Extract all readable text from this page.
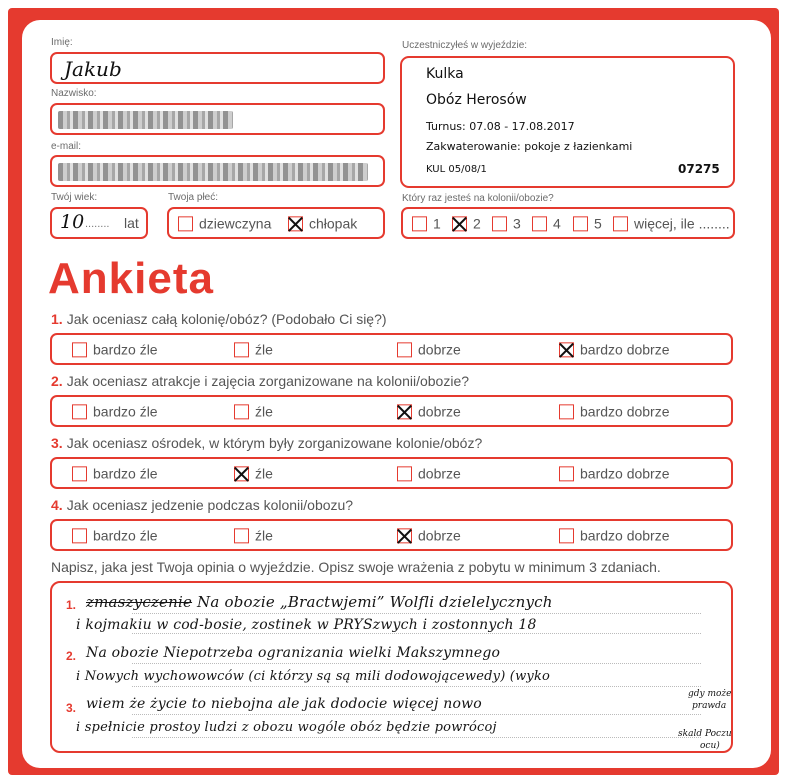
Imię:
Jakub
Nazwisko:
e-mail:
Uczestniczyłeś w wyjeździe:
Kulka
Obóz Herosów
Turnus: 07.08 - 17.08.2017
Zakwaterowanie: pokoje z łazienkami
KUL 05/08/1	07275
Twój wiek:
10 ........ lat
Twoja płeć:
dziewczyna	chłopak
Który raz jesteś na kolonii/obozie?
1	2	3	4	5	więcej, ile ........
Ankieta
1. Jak oceniasz całą kolonię/obóz? (Podobało Ci się?)
bardzo źle	źle	dobrze	bardzo dobrze
2. Jak oceniasz atrakcje i zajęcia zorganizowane na kolonii/obozie?
bardzo źle	źle	dobrze	bardzo dobrze
3. Jak oceniasz ośrodek, w którym były zorganizowane kolonie/obóz?
bardzo źle	źle	dobrze	bardzo dobrze
4. Jak oceniasz jedzenie podczas kolonii/obozu?
bardzo źle	źle	dobrze	bardzo dobrze
Napisz, jaka jest Twoja opinia o wyjeździe. Opisz swoje wrażenia z pobytu w minimum 3 zdaniach.
1.
2.
3.
zmaszyczenie Na obozie „Bractwjemi” Wolfli dzielelycznych
i kojmakiu w cod-bosie, zostinek w PRYSzwych i zostonnych 18
Na obozie Niepotrzeba ogranizania wielki Makszymnego
i Nowych wychowowców (ci którzy są są mili dodowojącewedy) (wyko
wiem że życie to niebojna ale jak dodocie więcej nowo
i spełnicie prostoy ludzi z obozu wogóle obóz będzie powrócoj
gdy może
prawda
skald Poczu
ocu)
